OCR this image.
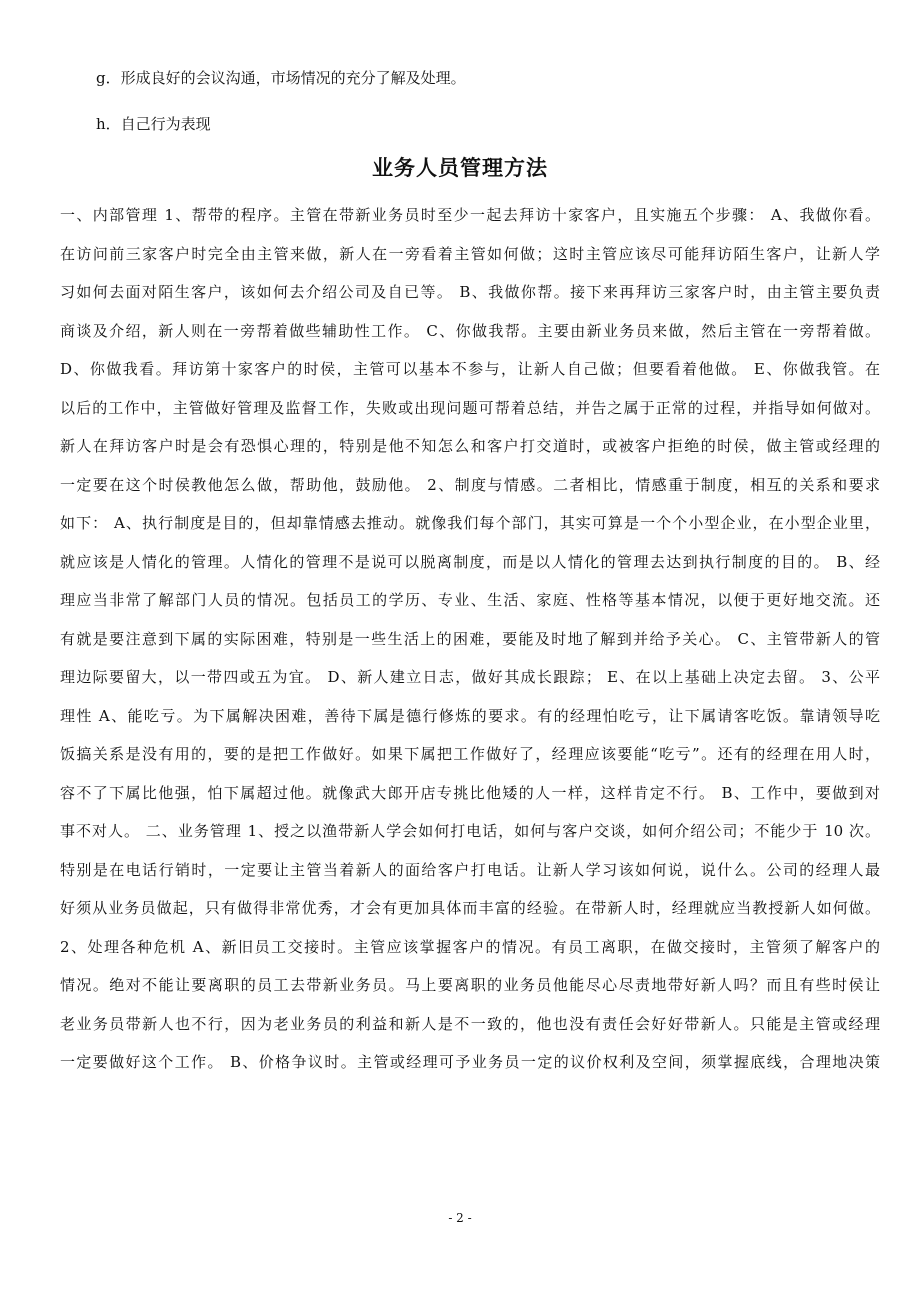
g．形成良好的会议沟通，市场情况的充分了解及处理。
h．自己行为表现
业务人员管理方法
一、内部管理 1、帮带的程序。主管在带新业务员时至少一起去拜访十家客户，且实施五个步骤： A、我做你看。
在访问前三家客户时完全由主管来做，新人在一旁看着主管如何做；这时主管应该尽可能拜访陌生客户，让新人学
习如何去面对陌生客户，该如何去介绍公司及自已等。 B、我做你帮。接下来再拜访三家客户时，由主管主要负责
商谈及介绍，新人则在一旁帮着做些辅助性工作。 C、你做我帮。主要由新业务员来做，然后主管在一旁帮着做。
D、你做我看。拜访第十家客户的时侯，主管可以基本不参与，让新人自己做；但要看着他做。 E、你做我管。在
以后的工作中，主管做好管理及监督工作，失败或出现问题可帮着总结，并告之属于正常的过程，并指导如何做对。
新人在拜访客户时是会有恐惧心理的，特别是他不知怎么和客户打交道时，或被客户拒绝的时侯，做主管或经理的
一定要在这个时侯教他怎么做，帮助他，鼓励他。 2、制度与情感。二者相比，情感重于制度，相互的关系和要求
如下： A、执行制度是目的，但却靠情感去推动。就像我们每个部门，其实可算是一个个小型企业，在小型企业里，
就应该是人情化的管理。人情化的管理不是说可以脱离制度，而是以人情化的管理去达到执行制度的目的。 B、经
理应当非常了解部门人员的情况。包括员工的学历、专业、生活、家庭、性格等基本情况，以便于更好地交流。还
有就是要注意到下属的实际困难，特别是一些生活上的困难，要能及时地了解到并给予关心。 C、主管带新人的管
理边际要留大，以一带四或五为宜。 D、新人建立日志，做好其成长跟踪； E、在以上基础上决定去留。 3、公平
理性 A、能吃亏。为下属解决困难，善待下属是德行修炼的要求。有的经理怕吃亏，让下属请客吃饭。靠请领导吃
饭搞关系是没有用的，要的是把工作做好。如果下属把工作做好了，经理应该要能“吃亏”。还有的经理在用人时，
容不了下属比他强，怕下属超过他。就像武大郎开店专挑比他矮的人一样，这样肯定不行。 B、工作中，要做到对
事不对人。 二、业务管理 1、授之以渔带新人学会如何打电话，如何与客户交谈，如何介绍公司；不能少于 10 次。
特别是在电话行销时，一定要让主管当着新人的面给客户打电话。让新人学习该如何说，说什么。公司的经理人最
好须从业务员做起，只有做得非常优秀，才会有更加具体而丰富的经验。在带新人时，经理就应当教授新人如何做。
2、处理各种危机 A、新旧员工交接时。主管应该掌握客户的情况。有员工离职，在做交接时，主管须了解客户的
情况。绝对不能让要离职的员工去带新业务员。马上要离职的业务员他能尽心尽责地带好新人吗？而且有些时侯让
老业务员带新人也不行，因为老业务员的利益和新人是不一致的，他也没有责任会好好带新人。只能是主管或经理
一定要做好这个工作。 B、价格争议时。主管或经理可予业务员一定的议价权利及空间，须掌握底线，合理地决策
- 2 -
